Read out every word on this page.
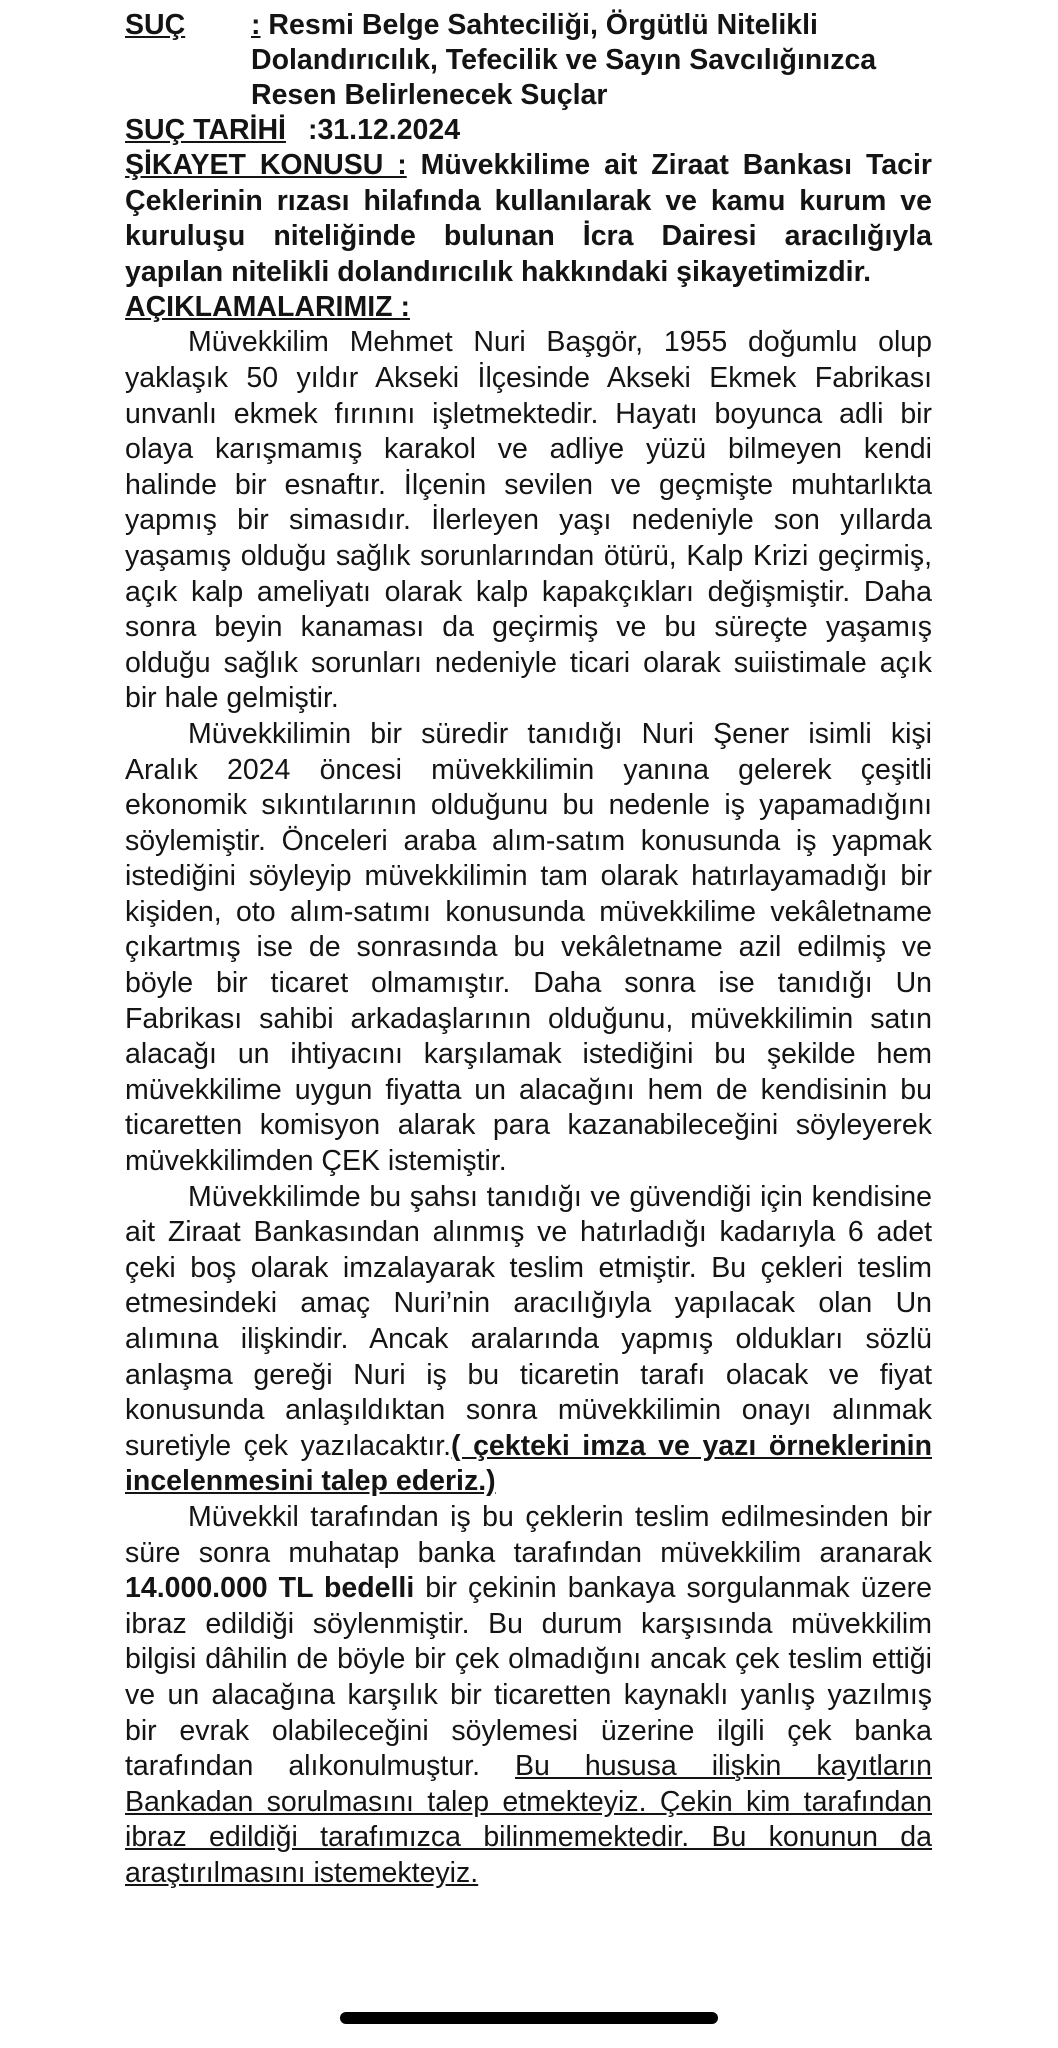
SUÇ	: Resmi Belge Sahteciliği, Örgütlü Nitelikli Dolandırıcılık, Tefecilik ve Sayın Savcılığınızca Resen Belirlenecek Suçlar
SUÇ TARİHİ :31.12.2024

ŞİKAYET KONUSU : Müvekkilime ait Ziraat Bankası Tacir Çeklerinin rızası hilafında kullanılarak ve kamu kurum ve kuruluşu niteliğinde bulunan İcra Dairesi aracılığıyla yapılan nitelikli dolandırıcılık hakkındaki şikayetimizdir.

AÇIKLAMALARIMIZ :

Müvekkilim Mehmet Nuri Başgör, 1955 doğumlu olup yaklaşık 50 yıldır Akseki İlçesinde Akseki Ekmek Fabrikası unvanlı ekmek fırınını işletmektedir. Hayatı boyunca adli bir olaya karışmamış karakol ve adliye yüzü bilmeyen kendi halinde bir esnaftır. İlçenin sevilen ve geçmişte muhtarlıkta yapmış bir simasıdır. İlerleyen yaşı nedeniyle son yıllarda yaşamış olduğu sağlık sorunlarından ötürü, Kalp Krizi geçirmiş, açık kalp ameliyatı olarak kalp kapakçıkları değişmiştir. Daha sonra beyin kanaması da geçirmiş ve bu süreçte yaşamış olduğu sağlık sorunları nedeniyle ticari olarak suiistimale açık bir hale gelmiştir.

Müvekkilimin bir süredir tanıdığı Nuri Şener isimli kişi Aralık 2024 öncesi müvekkilimin yanına gelerek çeşitli ekonomik sıkıntılarının olduğunu bu nedenle iş yapamadığını söylemiştir. Önceleri araba alım-satım konusunda iş yapmak istediğini söyleyip müvekkilimin tam olarak hatırlayamadığı bir kişiden, oto alım-satımı konusunda müvekkilime vekâletname çıkartmış ise de sonrasında bu vekâletname azil edilmiş ve böyle bir ticaret olmamıştır. Daha sonra ise tanıdığı Un Fabrikası sahibi arkadaşlarının olduğunu, müvekkilimin satın alacağı un ihtiyacını karşılamak istediğini bu şekilde hem müvekkilime uygun fiyatta un alacağını hem de kendisinin bu ticaretten komisyon alarak para kazanabileceğini söyleyerek müvekkilimden ÇEK istemiştir.

Müvekkilimde bu şahsı tanıdığı ve güvendiği için kendisine ait Ziraat Bankasından alınmış ve hatırladığı kadarıyla 6 adet çeki boş olarak imzalayarak teslim etmiştir. Bu çekleri teslim etmesindeki amaç Nuri’nin aracılığıyla yapılacak olan Un alımına ilişkindir. Ancak aralarında yapmış oldukları sözlü anlaşma gereği Nuri iş bu ticaretin tarafı olacak ve fiyat konusunda anlaşıldıktan sonra müvekkilimin onayı alınmak suretiyle çek yazılacaktır.( çekteki imza ve yazı örneklerinin incelenmesini talep ederiz.)

Müvekkil tarafından iş bu çeklerin teslim edilmesinden bir süre sonra muhatap banka tarafından müvekkilim aranarak 14.000.000 TL bedelli bir çekinin bankaya sorgulanmak üzere ibraz edildiği söylenmiştir. Bu durum karşısında müvekkilim bilgisi dâhilin de böyle bir çek olmadığını ancak çek teslim ettiği ve un alacağına karşılık bir ticaretten kaynaklı yanlış yazılmış bir evrak olabileceğini söylemesi üzerine ilgili çek banka tarafından alıkonulmuştur. Bu hususa ilişkin kayıtların Bankadan sorulmasını talep etmekteyiz. Çekin kim tarafından ibraz edildiği tarafımızca bilinmemektedir. Bu konunun da araştırılmasını istemekteyiz.
